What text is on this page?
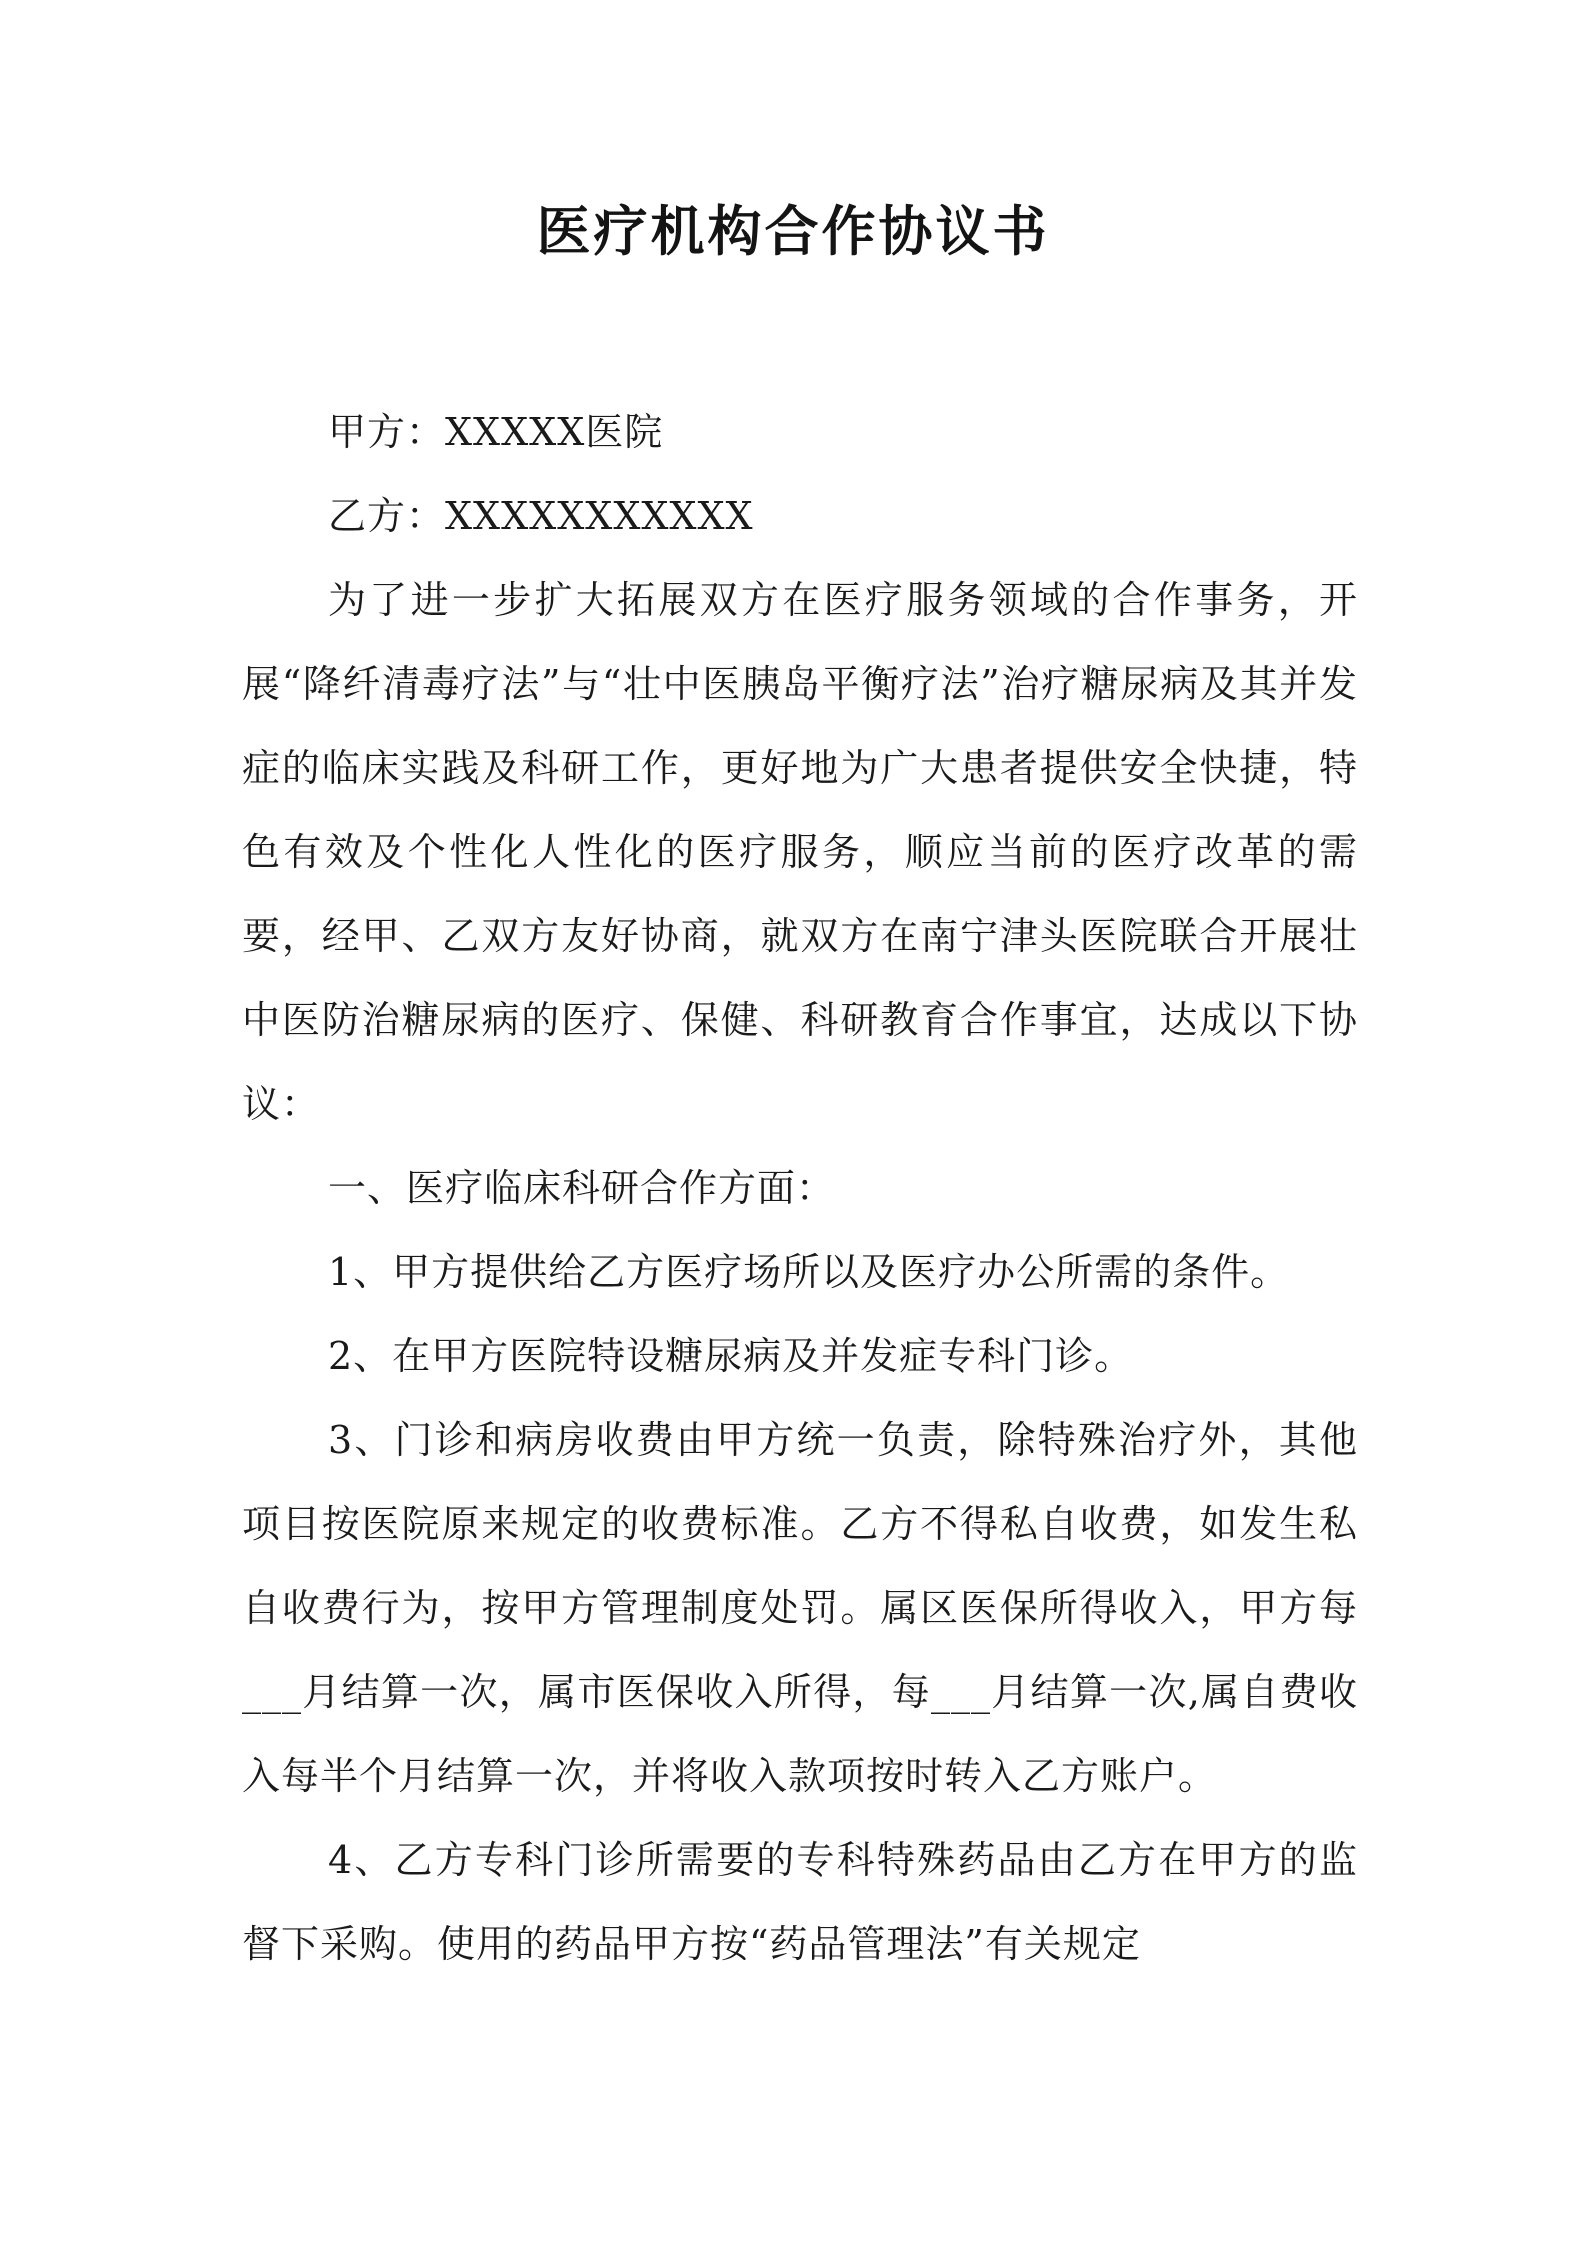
医疗机构合作协议书

甲方：XXXXX医院

乙方：XXXXXXXXXXX

为了进一步扩大拓展双方在医疗服务领域的合作事务，开展“降纤清毒疗法”与“壮中医胰岛平衡疗法”治疗糖尿病及其并发症的临床实践及科研工作，更好地为广大患者提供安全快捷，特色有效及个性化人性化的医疗服务，顺应当前的医疗改革的需要，经甲、乙双方友好协商，就双方在南宁津头医院联合开展壮中医防治糖尿病的医疗、保健、科研教育合作事宜，达成以下协议：

一、医疗临床科研合作方面：

1、甲方提供给乙方医疗场所以及医疗办公所需的条件。

2、在甲方医院特设糖尿病及并发症专科门诊。

3、门诊和病房收费由甲方统一负责，除特殊治疗外，其他项目按医院原来规定的收费标准。乙方不得私自收费，如发生私自收费行为，按甲方管理制度处罚。属区医保所得收入，甲方每___月结算一次，属市医保收入所得，每___月结算一次,属自费收入每半个月结算一次，并将收入款项按时转入乙方账户。

4、乙方专科门诊所需要的专科特殊药品由乙方在甲方的监督下采购。使用的药品甲方按“药品管理法”有关规定
